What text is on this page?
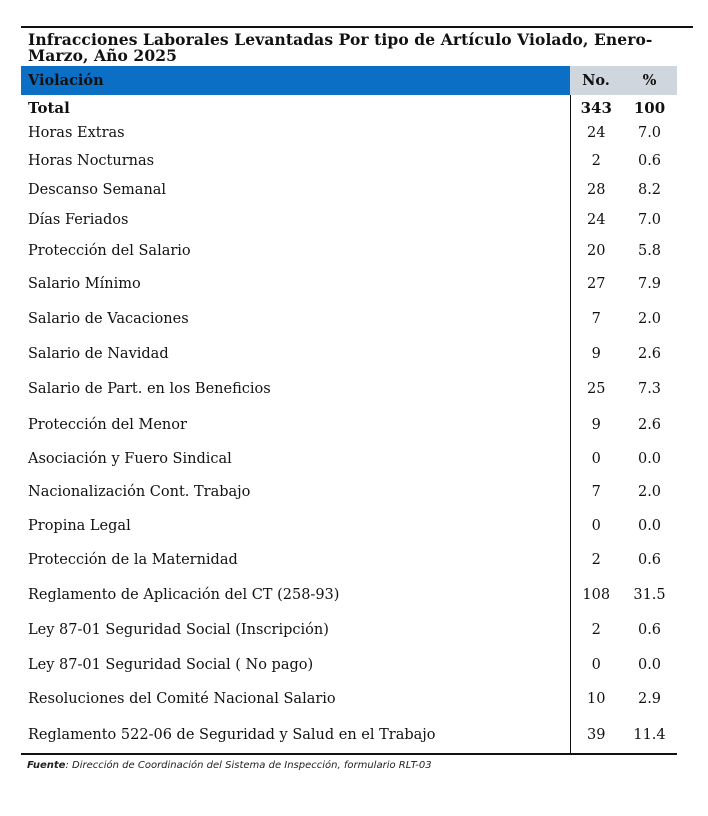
Infracciones Laborales Levantadas Por tipo de Artículo Violado, Enero-Marzo, Año 2025
Violación	No.	%
Total	343	100
Horas Extras	24	7.0
Horas Nocturnas	2	0.6
Descanso Semanal	28	8.2
Días Feriados	24	7.0
Protección del Salario	20	5.8
Salario Mínimo	27	7.9
Salario de Vacaciones	7	2.0
Salario de Navidad	9	2.6
Salario de Part. en los Beneficios	25	7.3
Protección del Menor	9	2.6
Asociación y Fuero Sindical	0	0.0
Nacionalización Cont. Trabajo	7	2.0
Propina Legal	0	0.0
Protección de la Maternidad	2	0.6
Reglamento de Aplicación del CT (258-93)	108	31.5
Ley 87-01 Seguridad Social (Inscripción)	2	0.6
Ley 87-01 Seguridad Social ( No pago)	0	0.0
Resoluciones del Comité Nacional Salario	10	2.9
Reglamento 522-06 de Seguridad y Salud en el Trabajo	39	11.4
Fuente: Dirección de Coordinación del Sistema de Inspección, formulario RLT-03
